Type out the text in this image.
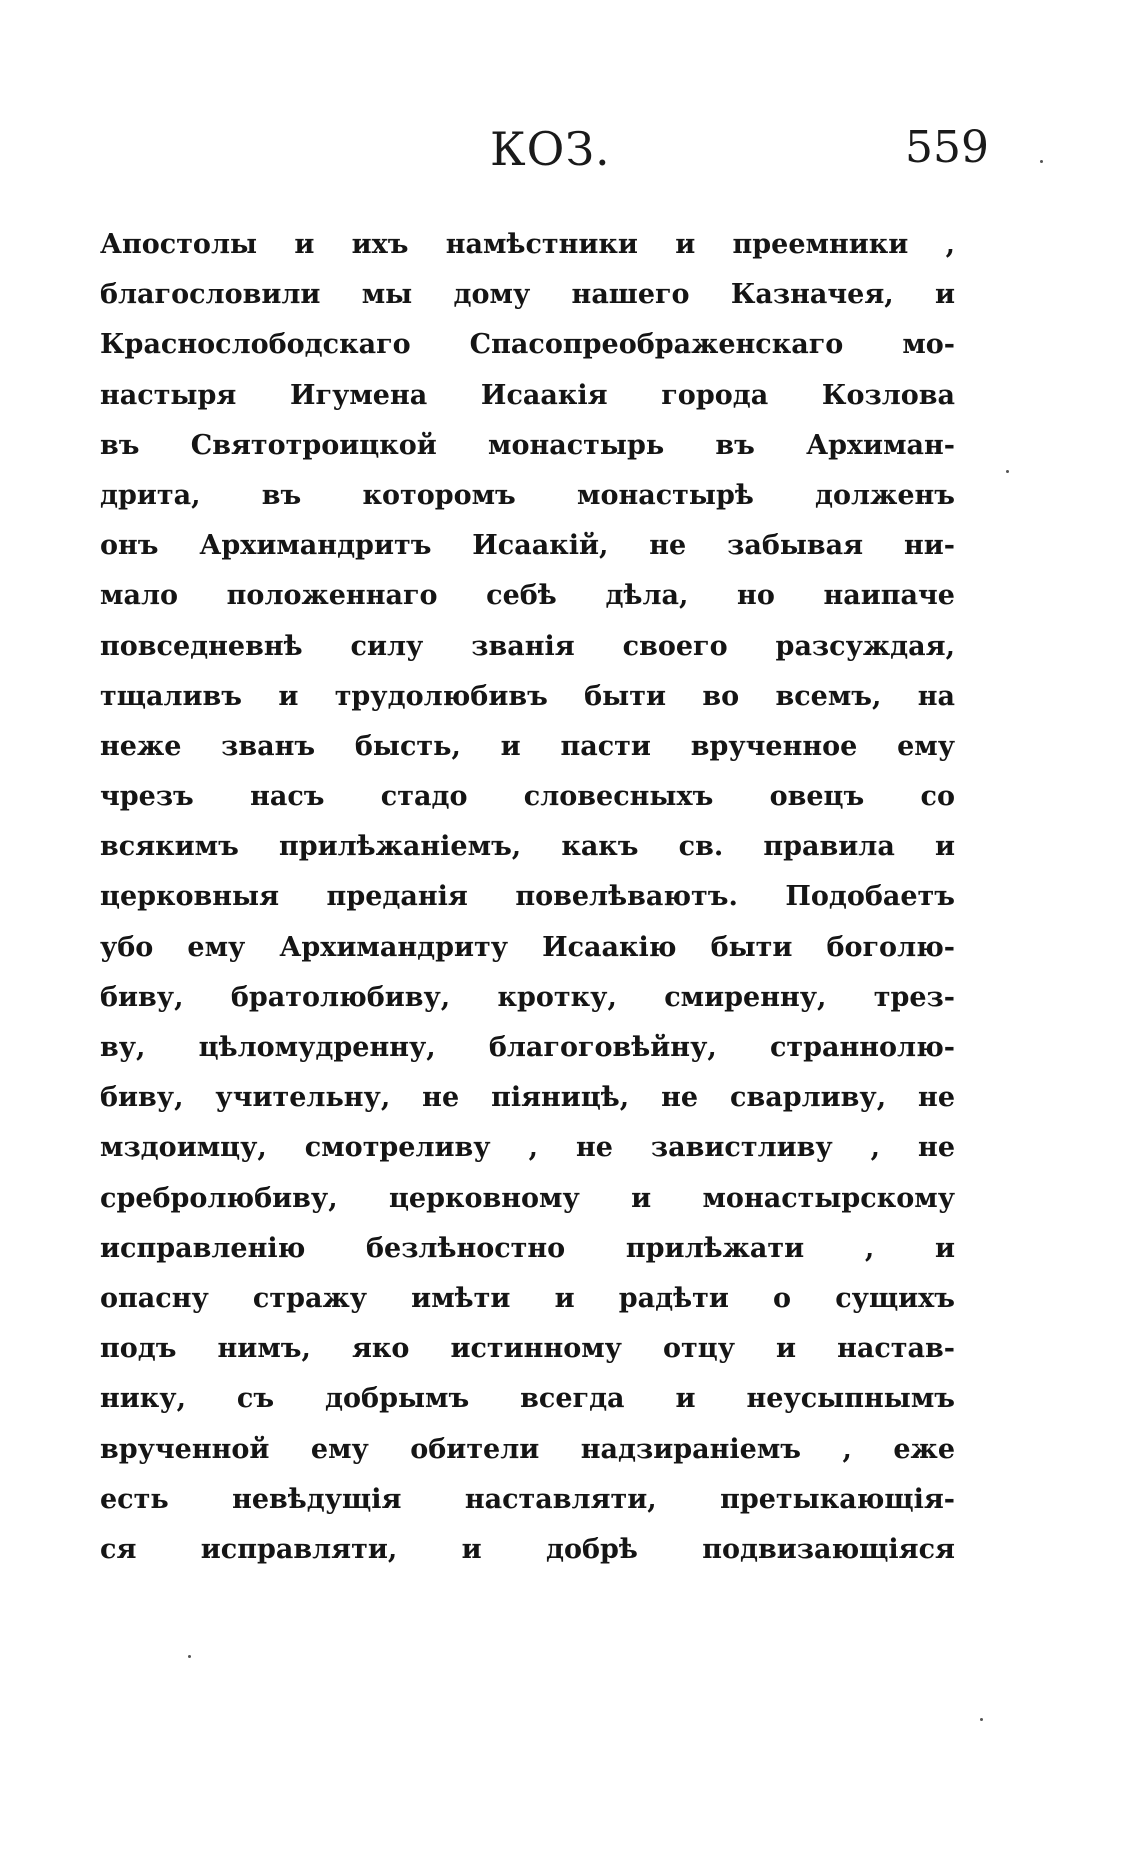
КОЗ.	559
Апостолы и ихъ намѣстники и преемники ,
благословили мы дому нашего Казначея, и
Краснослободскаго Спасопреображенскаго мо-
настыря Игумена Исаакія города Козлова
въ Святотроицкой монастырь въ Архиман-
дрита, въ которомъ монастырѣ долженъ
онъ Архимандритъ Исаакій, не забывая ни-
мало положеннаго себѣ дѣла, но наипаче
повседневнѣ силу званія своего разсуждая,
тщаливъ и трудолюбивъ быти во всемъ, на
неже званъ бысть, и пасти врученное ему
чрезъ насъ стадо словесныхъ овецъ со
всякимъ прилѣжаніемъ, какъ св. правила и
церковныя преданія повелѣваютъ. Подобаетъ
убо ему Архимандриту Исаакію быти боголю-
биву, братолюбиву, кротку, смиренну, трез-
ву, цѣломудренну, благоговѣйну, страннолю-
биву, учительну, не піяницѣ, не сварливу, не
мздоимцу, смотреливу , не завистливу , не
сребролюбиву, церковному и монастырскому
исправленію безлѣностно прилѣжати , и
опасну стражу имѣти и радѣти о сущихъ
подъ нимъ, яко истинному отцу и настав-
нику, съ добрымъ всегда и неусыпнымъ
врученной ему обители надзираніемъ , еже
есть невѣдущія наставляти, претыкающія-
ся исправляти, и добрѣ подвизающіяся
